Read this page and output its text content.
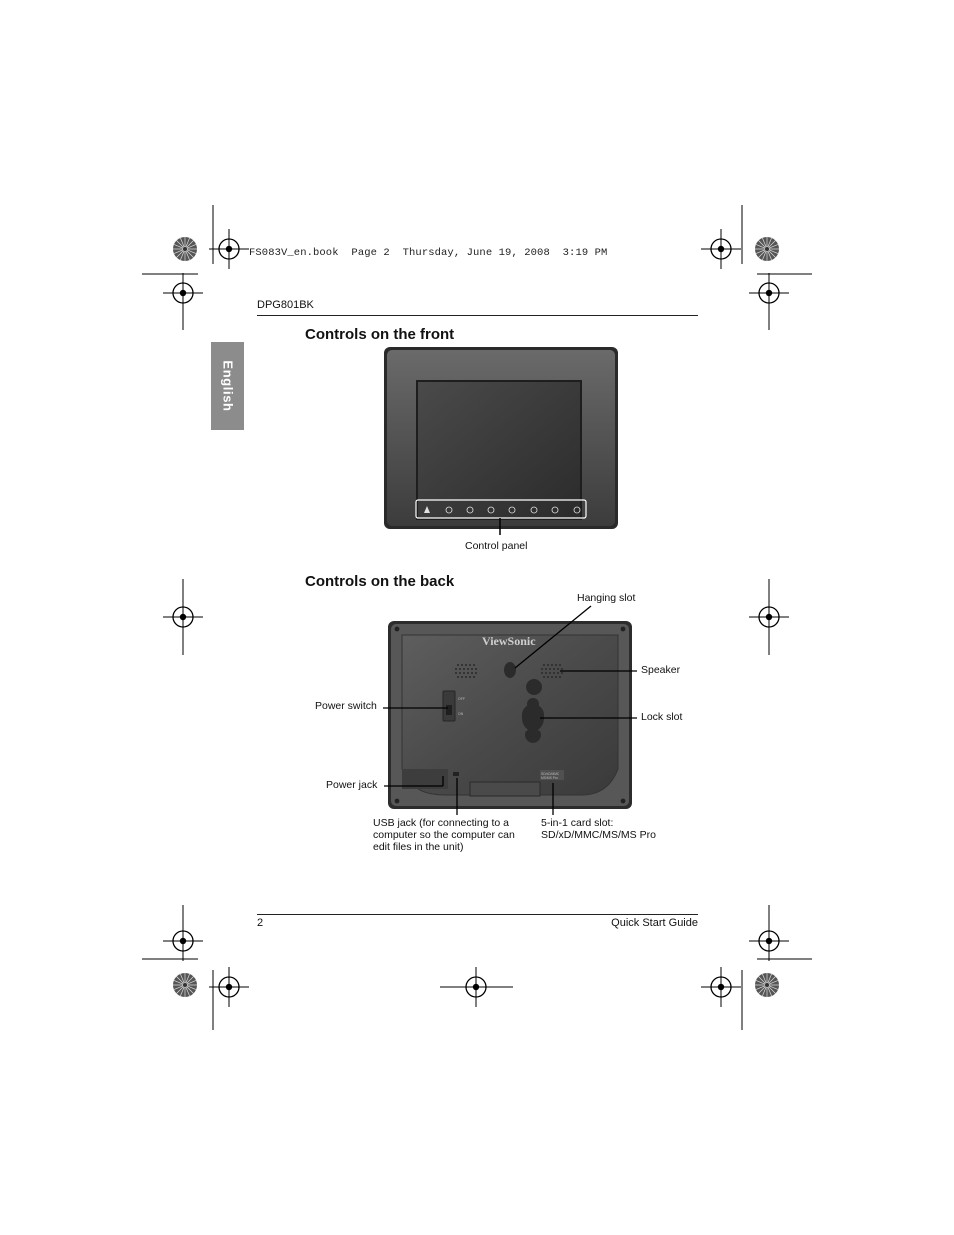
FS083V_en.book  Page 2  Thursday, June 19, 2008  3:19 PM
DPG801BK
English
Controls on the front
Control panel
Controls on the back
ViewSonic
OFF
ON
SD/xD/MMC
MS/MS Pro
Hanging slot
Speaker
Lock slot
Power switch
Power jack
USB jack (for connecting to a
computer so the computer can
edit files in the unit)
5-in-1 card slot:
SD/xD/MMC/MS/MS Pro
2	Quick Start Guide
